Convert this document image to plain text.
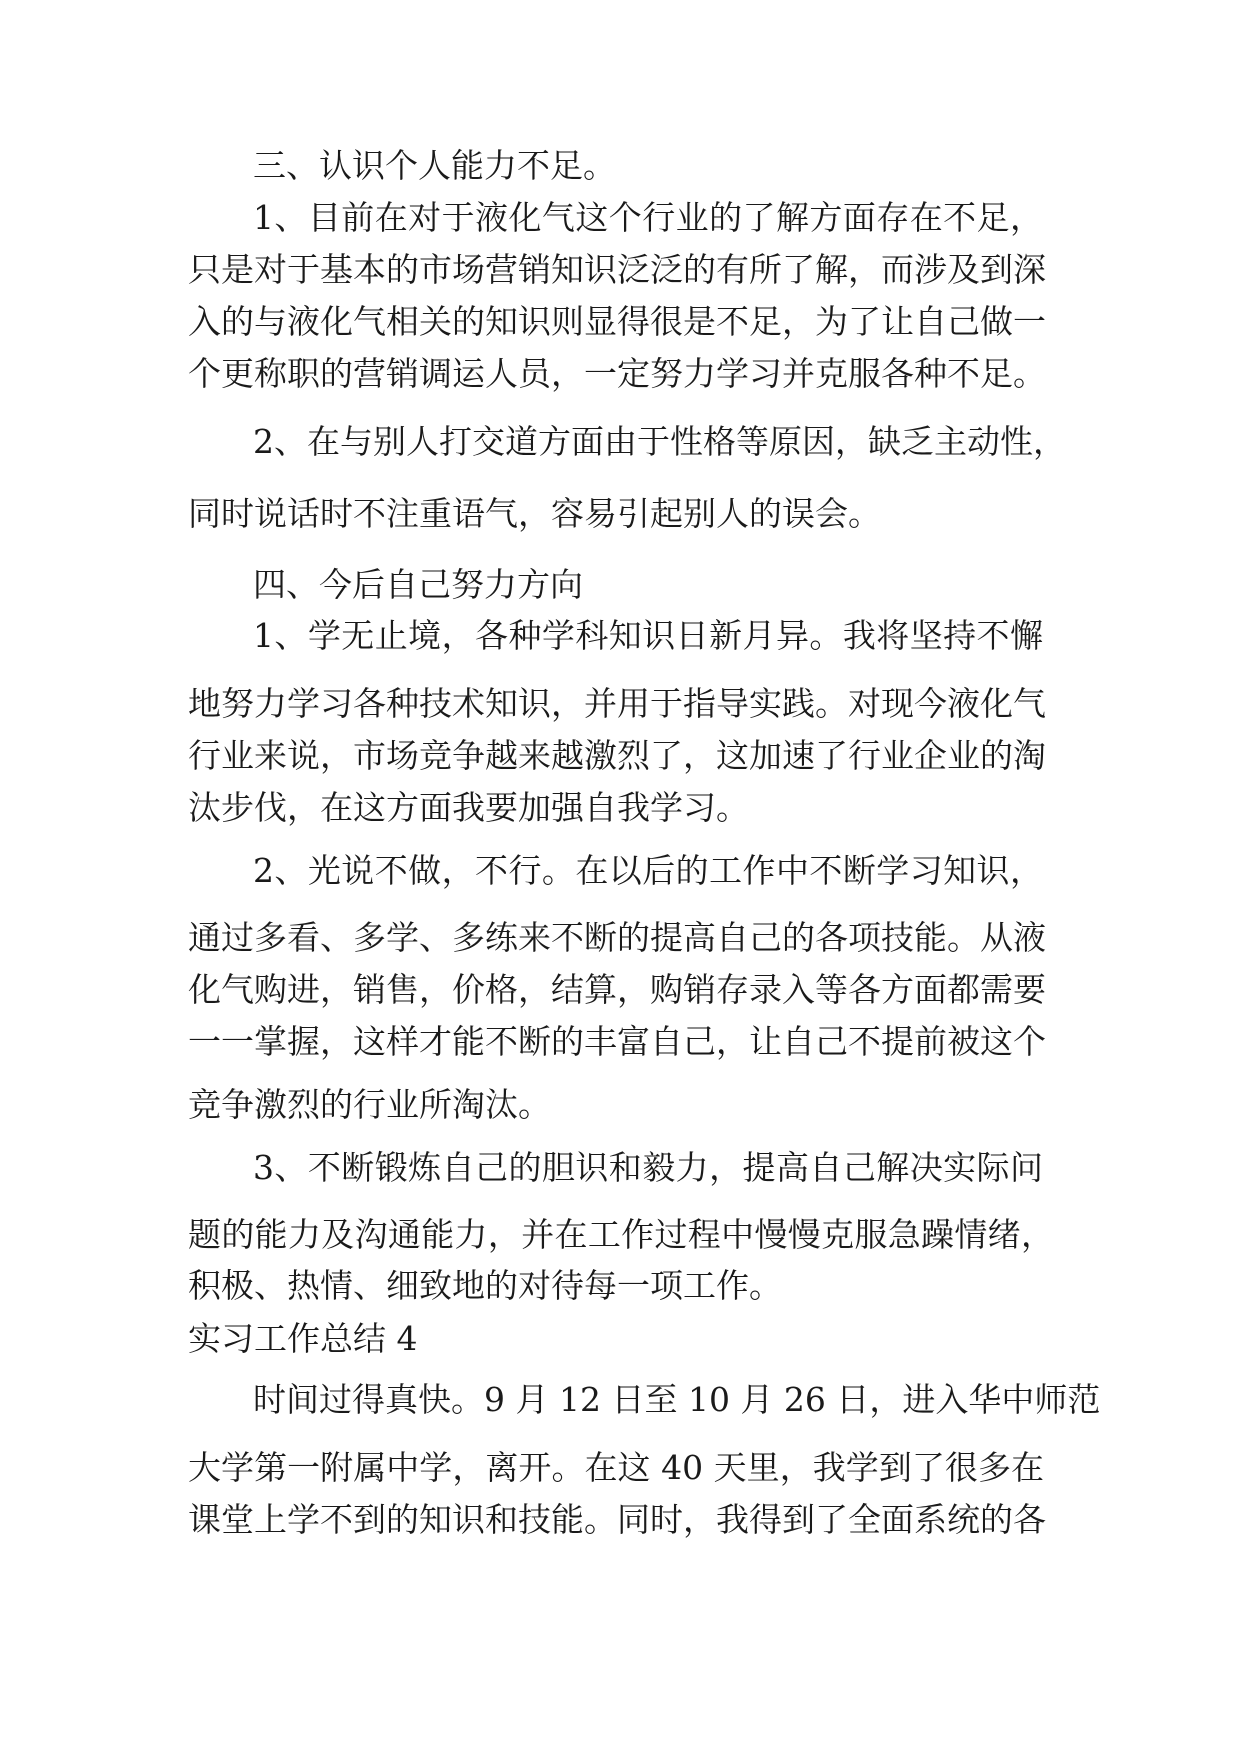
三、认识个人能力不足。
1、目前在对于液化气这个行业的了解方面存在不足，
只是对于基本的市场营销知识泛泛的有所了解，而涉及到深
入的与液化气相关的知识则显得很是不足，为了让自己做一
个更称职的营销调运人员，一定努力学习并克服各种不足。
2、在与别人打交道方面由于性格等原因，缺乏主动性，
同时说话时不注重语气，容易引起别人的误会。
四、今后自己努力方向
1、学无止境，各种学科知识日新月异。我将坚持不懈
地努力学习各种技术知识，并用于指导实践。对现今液化气
行业来说，市场竞争越来越激烈了，这加速了行业企业的淘
汰步伐，在这方面我要加强自我学习。
2、光说不做，不行。在以后的工作中不断学习知识，
通过多看、多学、多练来不断的提高自己的各项技能。从液
化气购进，销售，价格，结算，购销存录入等各方面都需要
一一掌握，这样才能不断的丰富自己，让自己不提前被这个
竞争激烈的行业所淘汰。
3、不断锻炼自己的胆识和毅力，提高自己解决实际问
题的能力及沟通能力，并在工作过程中慢慢克服急躁情绪，
积极、热情、细致地的对待每一项工作。
实习工作总结 4
时间过得真快。9 月 12 日至 10 月 26 日，进入华中师范
大学第一附属中学，离开。在这 40 天里，我学到了很多在
课堂上学不到的知识和技能。同时，我得到了全面系统的各
